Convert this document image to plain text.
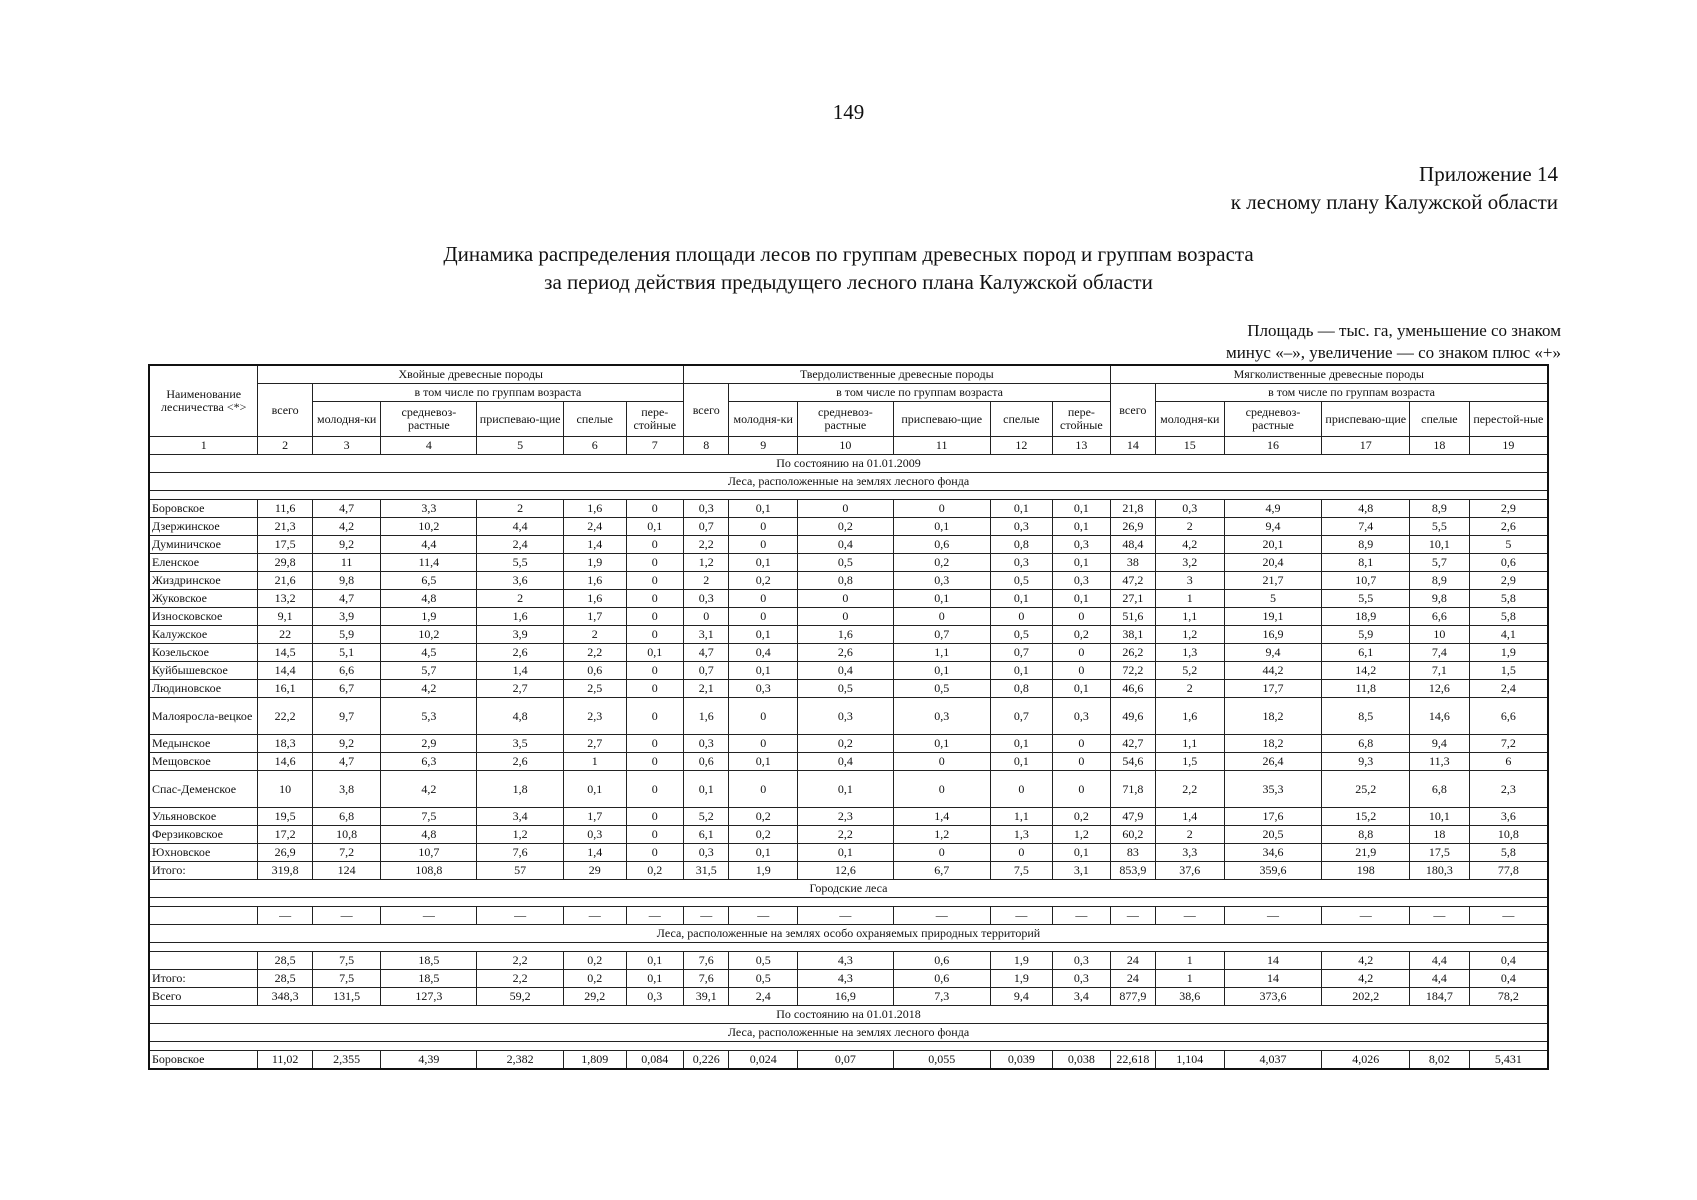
149
Приложение 14
к лесному плану Калужской области
Динамика распределения площади лесов по группам древесных пород и группам возраста
за период действия предыдущего лесного плана Калужской области
Площадь — тыс. га, уменьшение со знаком
минус «–», увеличение — со знаком плюс «+»
Наименование лесничества <*>	Хвойные древесные породы						Твердолиственные древесные породы						Мягколиственные древесные породы					
	всего	в том числе по группам возраста					всего	в том числе по группам возраста					всего	в том числе по группам возраста				
		молодня-ки	средневоз-растные	приспеваю-щие	спелые	пере-стойные		молодня-ки	средневоз-растные	приспеваю-щие	спелые	пере-стойные		молодня-ки	средневоз-растные	приспеваю-щие	спелые	перестой-ные
1	2	3	4	5	6	7	8	9	10	11	12	13	14	15	16	17	18	19
По состоянию на 01.01.2009																		
Леса, расположенные на землях лесного фонда																		

Боровское	11,6	4,7	3,3	2	1,6	0	0,3	0,1	0	0	0,1	0,1	21,8	0,3	4,9	4,8	8,9	2,9
Дзержинское	21,3	4,2	10,2	4,4	2,4	0,1	0,7	0	0,2	0,1	0,3	0,1	26,9	2	9,4	7,4	5,5	2,6
Думиничское	17,5	9,2	4,4	2,4	1,4	0	2,2	0	0,4	0,6	0,8	0,3	48,4	4,2	20,1	8,9	10,1	5
Еленское	29,8	11	11,4	5,5	1,9	0	1,2	0,1	0,5	0,2	0,3	0,1	38	3,2	20,4	8,1	5,7	0,6
Жиздринское	21,6	9,8	6,5	3,6	1,6	0	2	0,2	0,8	0,3	0,5	0,3	47,2	3	21,7	10,7	8,9	2,9
Жуковское	13,2	4,7	4,8	2	1,6	0	0,3	0	0	0,1	0,1	0,1	27,1	1	5	5,5	9,8	5,8
Износковское	9,1	3,9	1,9	1,6	1,7	0	0	0	0	0	0	0	51,6	1,1	19,1	18,9	6,6	5,8
Калужское	22	5,9	10,2	3,9	2	0	3,1	0,1	1,6	0,7	0,5	0,2	38,1	1,2	16,9	5,9	10	4,1
Козельское	14,5	5,1	4,5	2,6	2,2	0,1	4,7	0,4	2,6	1,1	0,7	0	26,2	1,3	9,4	6,1	7,4	1,9
Куйбышевское	14,4	6,6	5,7	1,4	0,6	0	0,7	0,1	0,4	0,1	0,1	0	72,2	5,2	44,2	14,2	7,1	1,5
Людиновское	16,1	6,7	4,2	2,7	2,5	0	2,1	0,3	0,5	0,5	0,8	0,1	46,6	2	17,7	11,8	12,6	2,4
Малояросла-вецкое	22,2	9,7	5,3	4,8	2,3	0	1,6	0	0,3	0,3	0,7	0,3	49,6	1,6	18,2	8,5	14,6	6,6
Медынское	18,3	9,2	2,9	3,5	2,7	0	0,3	0	0,2	0,1	0,1	0	42,7	1,1	18,2	6,8	9,4	7,2
Мещовское	14,6	4,7	6,3	2,6	1	0	0,6	0,1	0,4	0	0,1	0	54,6	1,5	26,4	9,3	11,3	6
Спас-Деменское	10	3,8	4,2	1,8	0,1	0	0,1	0	0,1	0	0	0	71,8	2,2	35,3	25,2	6,8	2,3
Ульяновское	19,5	6,8	7,5	3,4	1,7	0	5,2	0,2	2,3	1,4	1,1	0,2	47,9	1,4	17,6	15,2	10,1	3,6
Ферзиковское	17,2	10,8	4,8	1,2	0,3	0	6,1	0,2	2,2	1,2	1,3	1,2	60,2	2	20,5	8,8	18	10,8
Юхновское	26,9	7,2	10,7	7,6	1,4	0	0,3	0,1	0,1	0	0	0,1	83	3,3	34,6	21,9	17,5	5,8
Итого:	319,8	124	108,8	57	29	0,2	31,5	1,9	12,6	6,7	7,5	3,1	853,9	37,6	359,6	198	180,3	77,8
Городские леса																		

	—	—	—	—	—	—	—	—	—	—	—	—	—	—	—	—	—	—
Леса, расположенные на землях особо охраняемых природных территорий																		

	28,5	7,5	18,5	2,2	0,2	0,1	7,6	0,5	4,3	0,6	1,9	0,3	24	1	14	4,2	4,4	0,4
Итого:	28,5	7,5	18,5	2,2	0,2	0,1	7,6	0,5	4,3	0,6	1,9	0,3	24	1	14	4,2	4,4	0,4
Всего	348,3	131,5	127,3	59,2	29,2	0,3	39,1	2,4	16,9	7,3	9,4	3,4	877,9	38,6	373,6	202,2	184,7	78,2
По состоянию на 01.01.2018																		
Леса, расположенные на землях лесного фонда																		

Боровское	11,02	2,355	4,39	2,382	1,809	0,084	0,226	0,024	0,07	0,055	0,039	0,038	22,618	1,104	4,037	4,026	8,02	5,431
